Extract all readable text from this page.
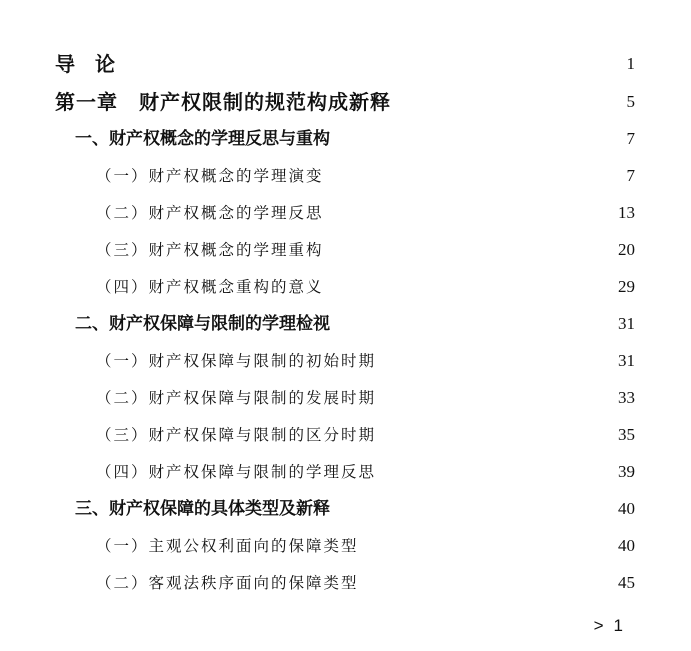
导论	1
第一章　财产权限制的规范构成新释	5
一、财产权概念的学理反思与重构	7
（一）财产权概念的学理演变	7
（二）财产权概念的学理反思	13
（三）财产权概念的学理重构	20
（四）财产权概念重构的意义	29
二、财产权保障与限制的学理检视	31
（一）财产权保障与限制的初始时期	31
（二）财产权保障与限制的发展时期	33
（三）财产权保障与限制的区分时期	35
（四）财产权保障与限制的学理反思	39
三、财产权保障的具体类型及新释	40
（一）主观公权利面向的保障类型	40
（二）客观法秩序面向的保障类型	45
> 1
